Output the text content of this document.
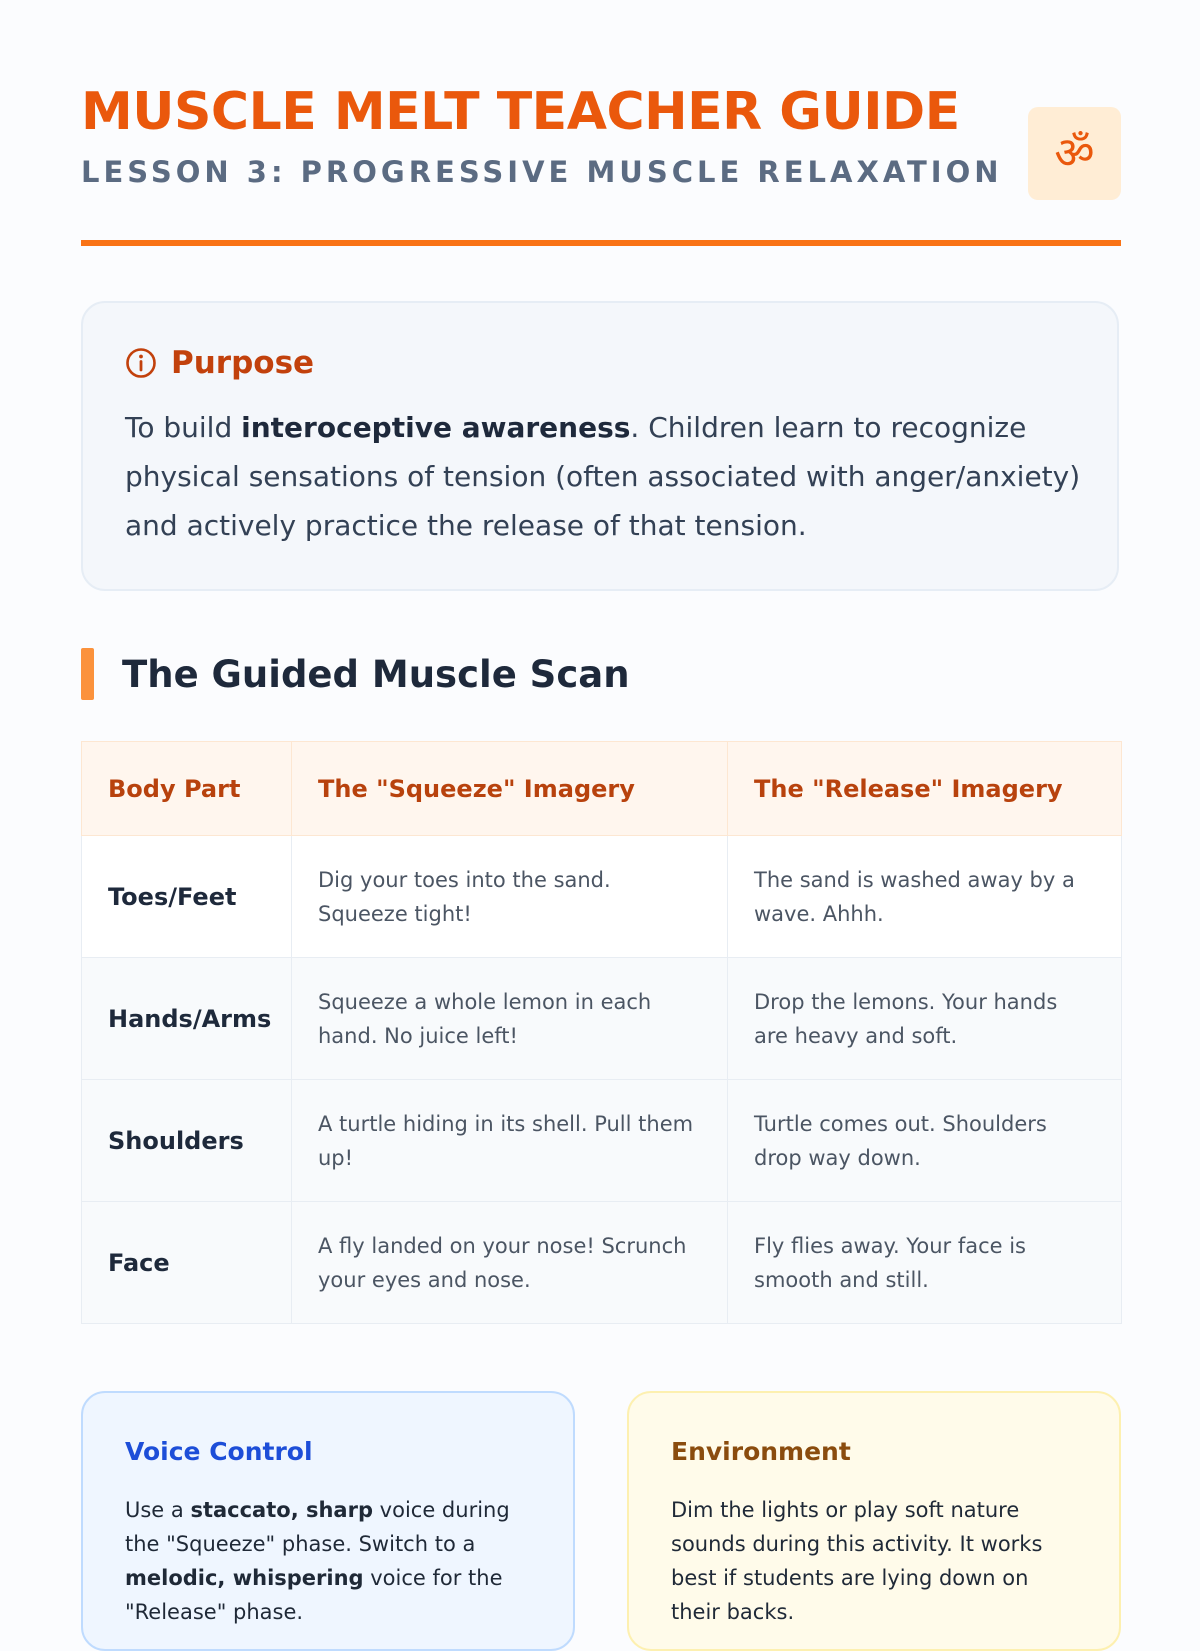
MUSCLE MELT TEACHER GUIDE
LESSON 3: PROGRESSIVE MUSCLE RELAXATION	ॐ
Purpose

To build interoceptive awareness. Children learn to recognize physical sensations of tension (often associated with anger/anxiety) and actively practice the release of that tension.

The Guided Muscle Scan
Body Part	The "Squeeze" Imagery	The "Release" Imagery
Toes/Feet	Dig your toes into the sand. Squeeze tight!	The sand is washed away by a wave. Ahhh.
Hands/Arms	Squeeze a whole lemon in each hand. No juice left!	Drop the lemons. Your hands are heavy and soft.
Shoulders	A turtle hiding in its shell. Pull them up!	Turtle comes out. Shoulders drop way down.
Face	A fly landed on your nose! Scrunch your eyes and nose.	Fly flies away. Your face is smooth and still.
Voice Control

Use a staccato, sharp voice during the "Squeeze" phase. Switch to a melodic, whispering voice for the "Release" phase.

Environment

Dim the lights or play soft nature sounds during this activity. It works best if students are lying down on their backs.
